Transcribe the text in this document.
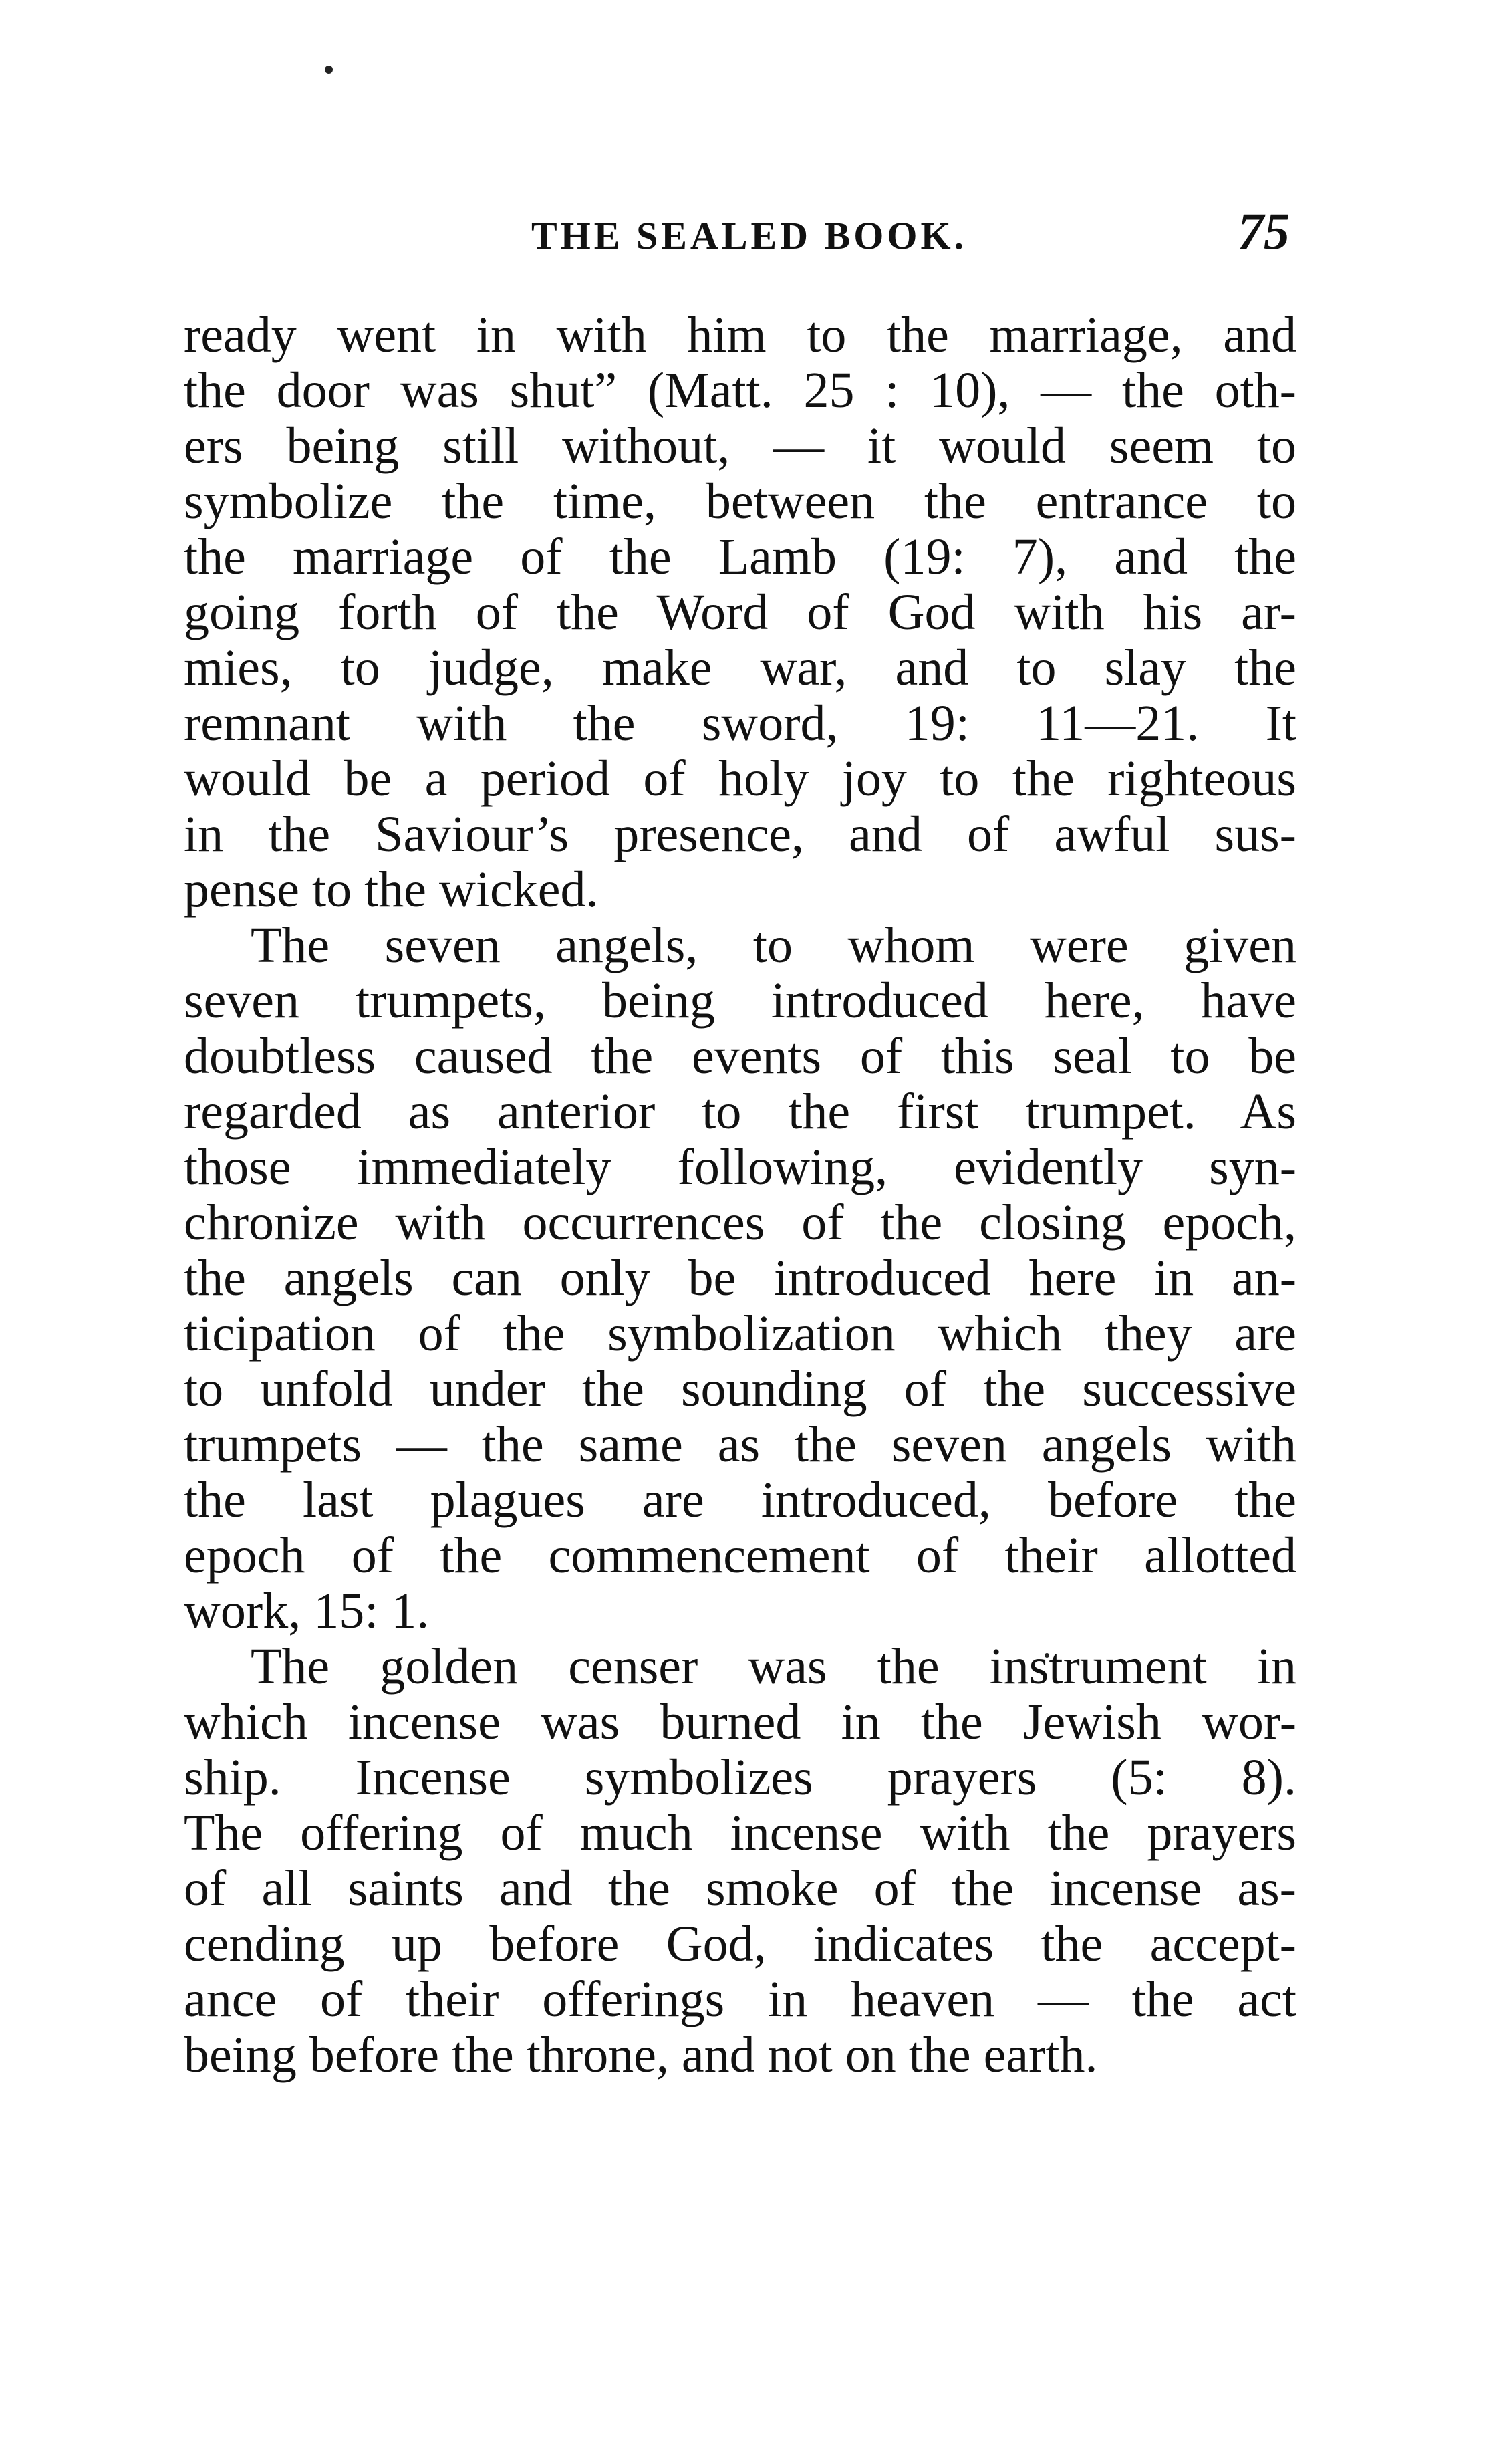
THE SEALED BOOK.	75
ready went in with him to the marriage, and
the door was shut” (Matt. 25 : 10), — the oth-
ers being still without, — it would seem to
symbolize the time, between the entrance to
the marriage of the Lamb (19: 7), and the
going forth of the Word of God with his ar-
mies, to judge, make war, and to slay the
remnant with the sword, 19: 11—21. It
would be a period of holy joy to the righteous
in the Saviour’s presence, and of awful sus-
pense to the wicked.
The seven angels, to whom were given
seven trumpets, being introduced here, have
doubtless caused the events of this seal to be
regarded as anterior to the first trumpet. As
those immediately following, evidently syn-
chronize with occurrences of the closing epoch,
the angels can only be introduced here in an-
ticipation of the symbolization which they are
to unfold under the sounding of the successive
trumpets — the same as the seven angels with
the last plagues are introduced, before the
epoch of the commencement of their allotted
work, 15: 1.
The golden censer was the instrument in
which incense was burned in the Jewish wor-
ship. Incense symbolizes prayers (5: 8).
The offering of much incense with the prayers
of all saints and the smoke of the incense as-
cending up before God, indicates the accept-
ance of their offerings in heaven — the act
being before the throne, and not on the earth.
